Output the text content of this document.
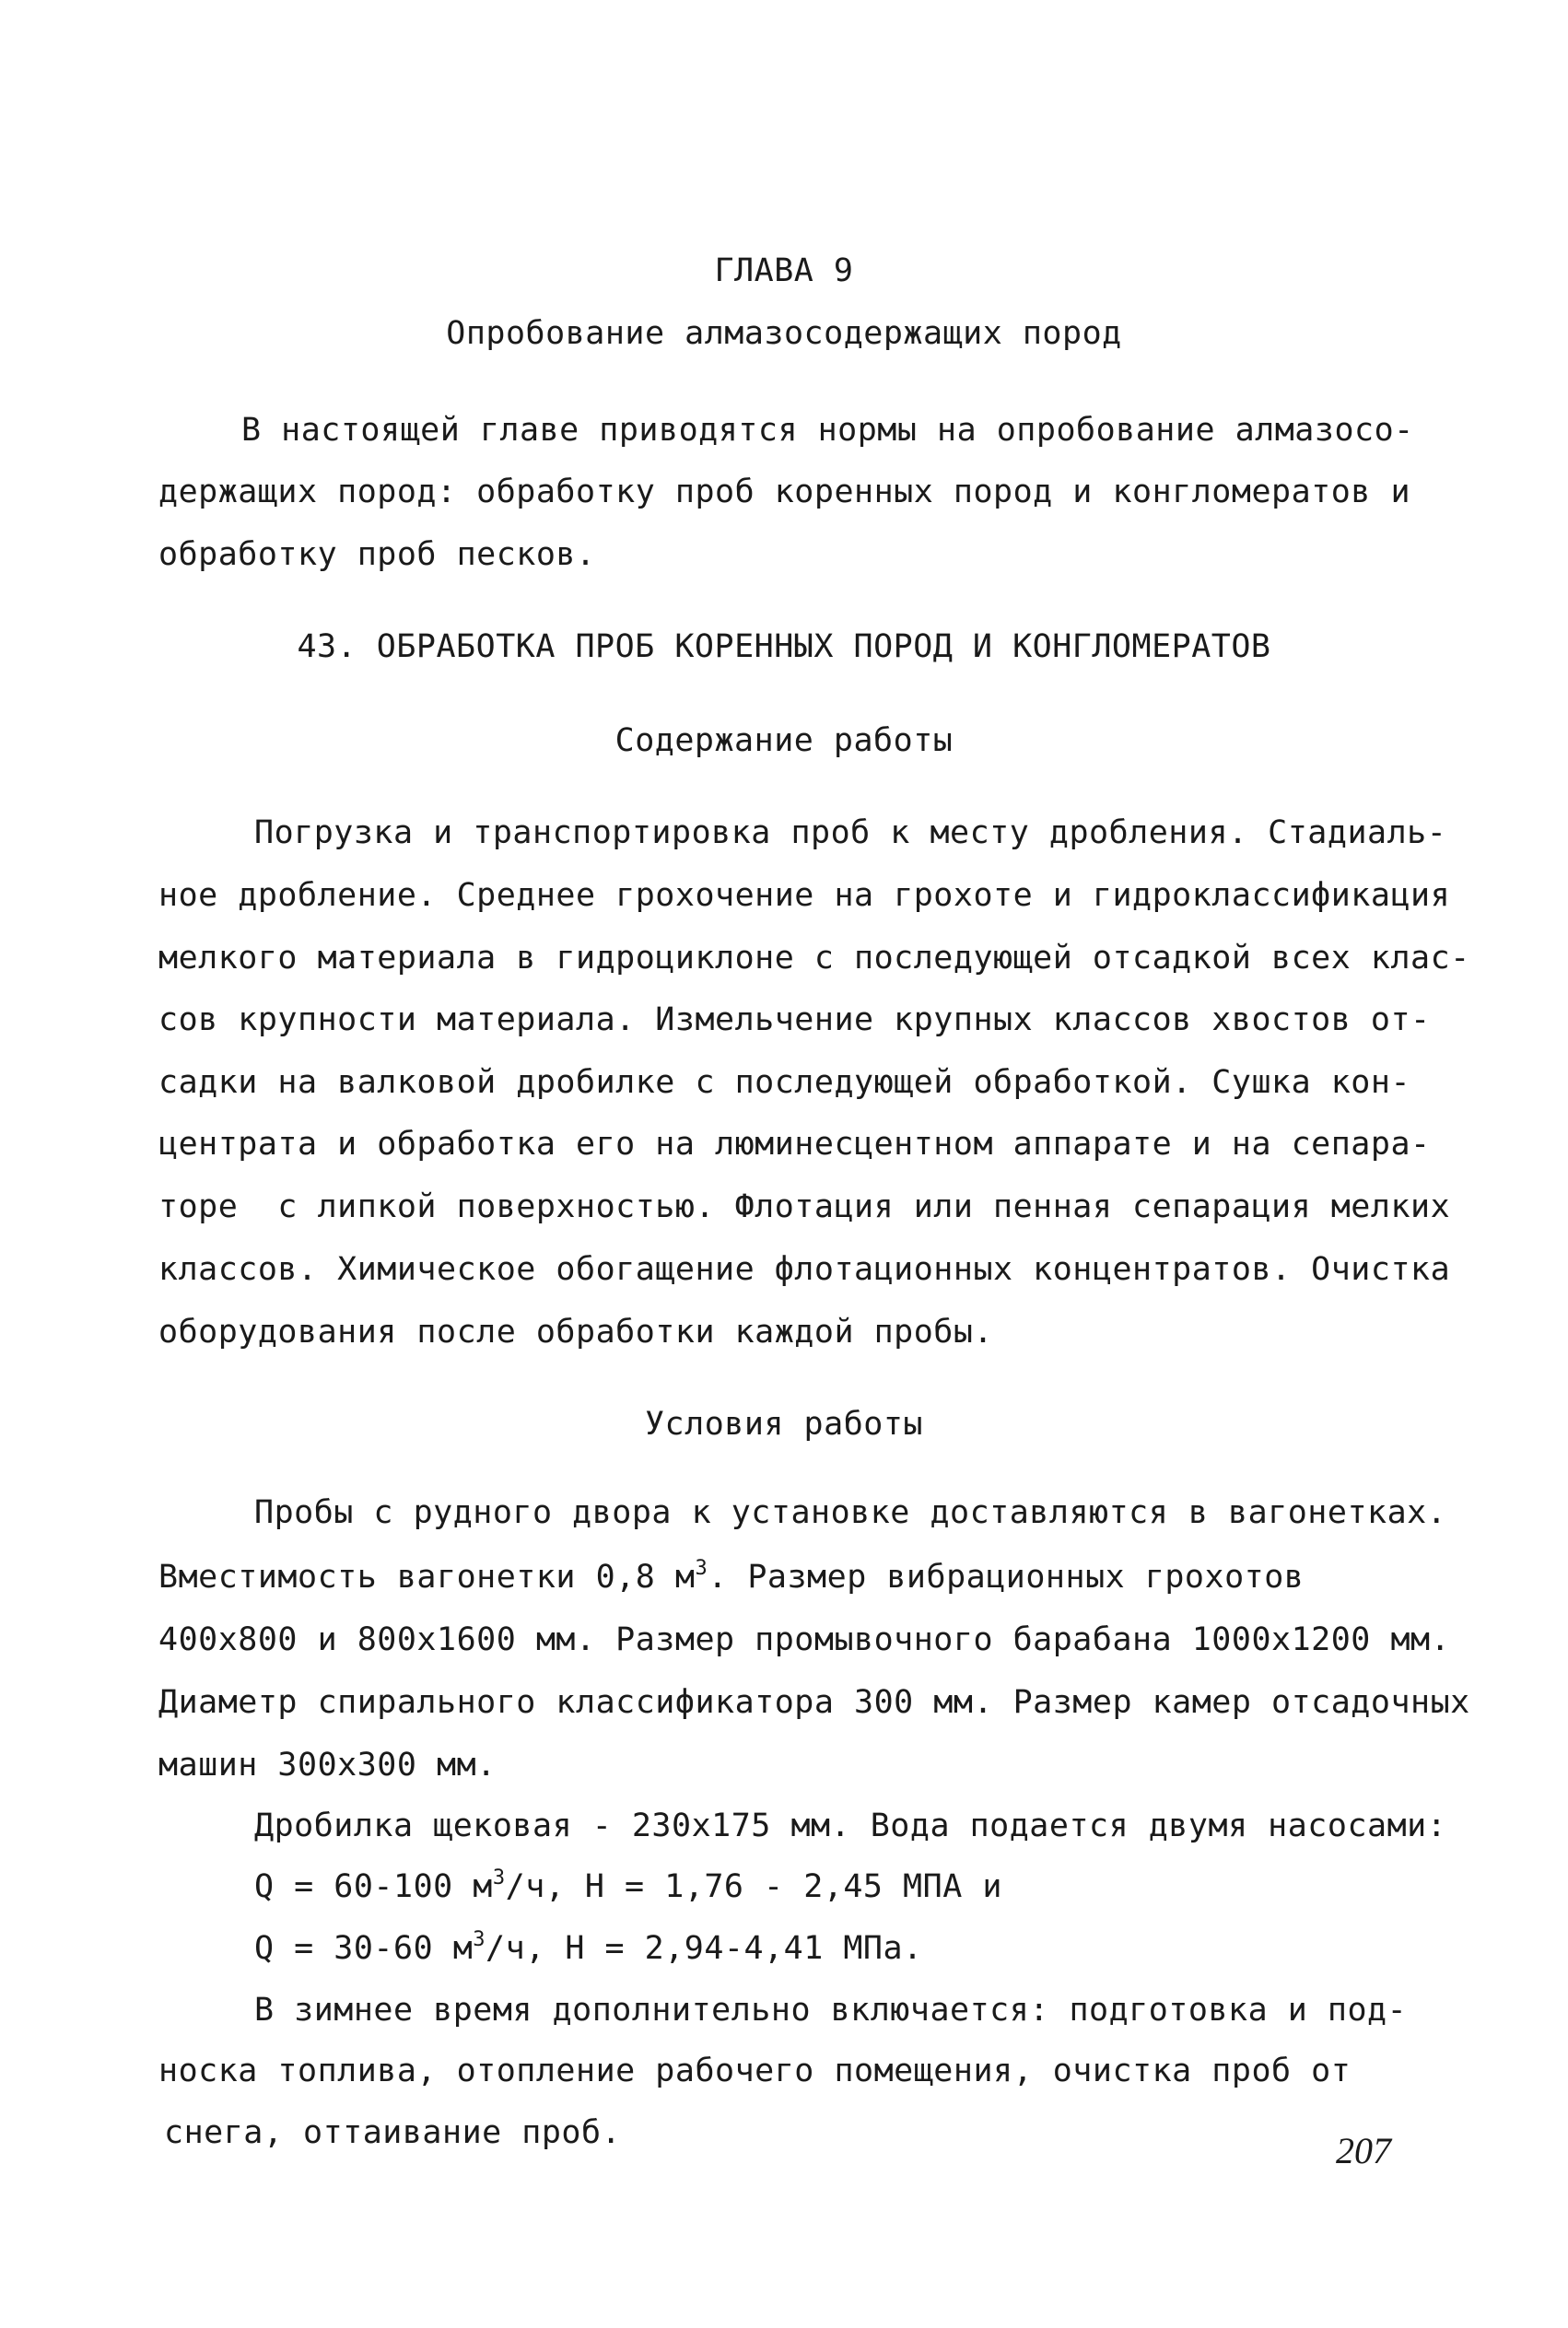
ГЛАВА 9
Опробование алмазосодержащих пород
В настоящей главе приводятся нормы на опробование алмазосо-
держащих пород: обработку проб коренных пород и конгломератов и
обработку проб песков.
43. ОБРАБОТКА ПРОБ КОРЕННЫХ ПОРОД И КОНГЛОМЕРАТОВ
Содержание работы
Погрузка и транспортировка проб к месту дробления. Стадиаль-
ное дробление. Среднее грохочение на грохоте и гидроклассификация
мелкого материала в гидроциклоне с последующей отсадкой всех клас-
сов крупности материала. Измельчение крупных классов хвостов от-
садки на валковой дробилке с последующей обработкой. Сушка кон-
центрата и обработка его на люминесцентном аппарате и на сепара-
торе  с липкой поверхностью. Флотация или пенная сепарация мелких
классов. Химическое обогащение флотационных концентратов. Очистка
оборудования после обработки каждой пробы.
Условия работы
Пробы с рудного двора к установке доставляются в вагонетках.
Вместимость вагонетки 0,8 $м^3$. Размер вибрационных грохотов
400х800 и 800х1600 мм. Размер промывочного барабана 1000х1200 мм.
Диаметр спирального классификатора 300 мм. Размер камер отсадочных
машин 300х300 мм.
Дробилка щековая - 230х175 мм. Вода подается двумя насосами:
Q = 60-100 $м^3/ч$, Н = 1,76 - 2,45 МПА и
Q = 30-60 $м^3/ч$, Н = 2,94-4,41 МПа.
В зимнее время дополнительно включается: подготовка и под-
носка топлива, отопление рабочего помещения, очистка проб от
снега, оттаивание проб.	207
